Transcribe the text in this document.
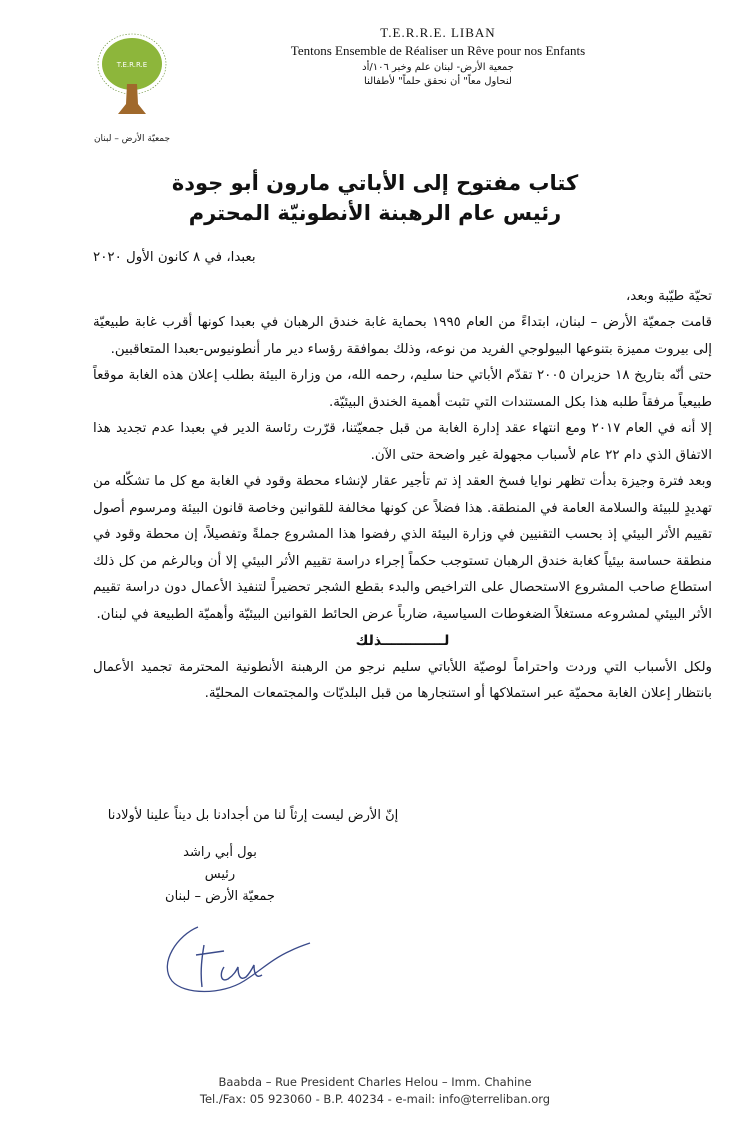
T.E.R.R.E
جمعيّة الأرض – لبنان
T.E.R.R.E. LIBAN
Tentons Ensemble de Réaliser un Rêve pour nos Enfants
جمعية الأرض- لبنان علم وخبر ١٠٦/أد
لنحاول معاً" أن نحقق حلماً" لأطفالنا
كتاب مفتوح إلى الأباتي مارون أبو جودة
رئيس عام الرهبنة الأنطونيّة المحترم

بعبدا، في ٨ كانون الأول ٢٠٢٠

تحيّة طيّبة وبعد،

قامت جمعيّة الأرض – لبنان، ابتداءً من العام ١٩٩٥ بحماية غابة خندق الرهبان في بعبدا كونها أقرب غابة طبيعيّة إلى بيروت مميزة بتنوعها البيولوجي الفريد من نوعه، وذلك بموافقة رؤساء دير مار أنطونيوس-بعبدا المتعاقبين.

حتى أنّه بتاريخ ١٨ حزيران ٢٠٠٥ تقدّم الأباتي حنا سليم، رحمه الله، من وزارة البيئة بطلب إعلان هذه الغابة موقعاً طبيعياً مرفقاً طلبه هذا بكل المستندات التي تثبت أهمية الخندق البيئيّة.

إلا أنه في العام ٢٠١٧ ومع انتهاء عقد إدارة الغابة من قبل جمعيّتنا، قرّرت رئاسة الدير في بعبدا عدم تجديد هذا الاتفاق الذي دام ٢٢ عام لأسباب مجهولة غير واضحة حتى الآن.

وبعد فترة وجيزة بدأت تظهر نوايا فسخ العقد إذ تم تأجير عقار لإنشاء محطة وقود في الغابة مع كل ما تشكّله من تهديدٍ للبيئة والسلامة العامة في المنطقة. هذا فضلاً عن كونها مخالفة للقوانين وخاصة قانون البيئة ومرسوم أصول تقييم الأثر البيئي إذ بحسب التقنيين في وزارة البيئة الذي رفضوا هذا المشروع جملةً وتفصيلاً، إن محطة وقود في منطقة حساسة بيئياً كغابة خندق الرهبان تستوجب حكماً إجراء دراسة تقييم الأثر البيئي إلا أن وبالرغم من كل ذلك استطاع صاحب المشروع الاستحصال على التراخيص والبدء بقطع الشجر تحضيراً لتنفيذ الأعمال دون دراسة تقييم الأثر البيئي لمشروعه مستغلاً الضغوطات السياسية، ضارباً عرض الحائط القوانين البيئيّة وأهميّة الطبيعة في لبنان.

لـــــــــــــذلك

ولكل الأسباب التي وردت واحتراماً لوصيّة اللأباتي سليم نرجو من الرهبنة الأنطونية المحترمة تجميد الأعمال بانتظار إعلان الغابة محميّة عبر استملاكها أو استنجارها من قبل البلديّات والمجتمعات المحليّة.

إنّ الأرض ليست إرثاً لنا من أجدادنا بل ديناً علينا لأولادنا
بول أبي راشد
رئيس
جمعيّة الأرض – لبنان
Baabda – Rue President Charles Helou – Imm. Chahine
Tel./Fax: 05 923060 - B.P. 40234 - e-mail: info@terreliban.org
